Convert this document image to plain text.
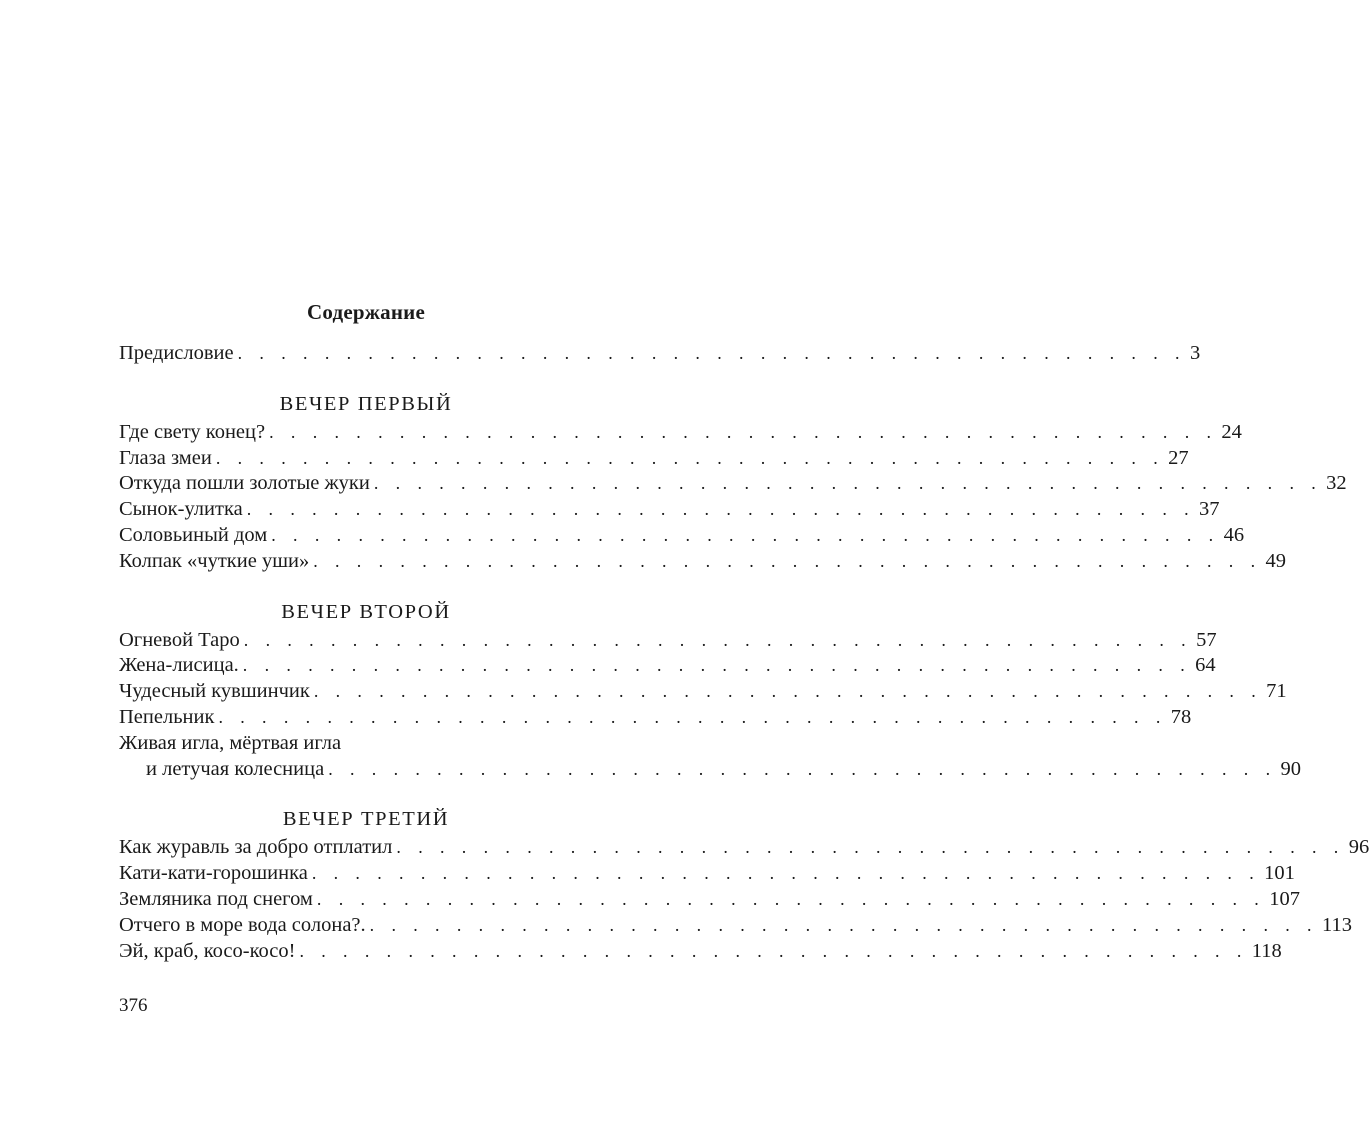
Содержание
Предисловие . . . . . . . . . . . . . . . . . . . . . . . . . . . . . . . . . . . . . . . . . . . . 3
ВЕЧЕР ПЕРВЫЙ
Где свету конец? . . . . . . . . . . . . . . . . . . . . . . . . . . . . . . . . . . . . . . . . . . . . 24
Глаза змеи . . . . . . . . . . . . . . . . . . . . . . . . . . . . . . . . . . . . . . . . . . . . 27
Откуда пошли золотые жуки . . . . . . . . . . . . . . . . . . . . . . . . . . . . . . . . . . . . . . . . . . . . 32
Сынок-улитка . . . . . . . . . . . . . . . . . . . . . . . . . . . . . . . . . . . . . . . . . . . . 37
Соловьиный дом . . . . . . . . . . . . . . . . . . . . . . . . . . . . . . . . . . . . . . . . . . . . 46
Колпак «чуткие уши» . . . . . . . . . . . . . . . . . . . . . . . . . . . . . . . . . . . . . . . . . . . . 49
ВЕЧЕР ВТОРОЙ
Огневой Таро . . . . . . . . . . . . . . . . . . . . . . . . . . . . . . . . . . . . . . . . . . . . 57
Жена-лисица. . . . . . . . . . . . . . . . . . . . . . . . . . . . . . . . . . . . . . . . . . . . . 64
Чудесный кувшинчик . . . . . . . . . . . . . . . . . . . . . . . . . . . . . . . . . . . . . . . . . . . . 71
Пепельник . . . . . . . . . . . . . . . . . . . . . . . . . . . . . . . . . . . . . . . . . . . . 78
Живая игла, мёртвая игла
и летучая колесница . . . . . . . . . . . . . . . . . . . . . . . . . . . . . . . . . . . . . . . . . . . . 90
ВЕЧЕР ТРЕТИЙ
Как журавль за добро отплатил . . . . . . . . . . . . . . . . . . . . . . . . . . . . . . . . . . . . . . . . . . . . 96
Кати-кати-горошинка . . . . . . . . . . . . . . . . . . . . . . . . . . . . . . . . . . . . . . . . . . . . 101
Земляника под снегом . . . . . . . . . . . . . . . . . . . . . . . . . . . . . . . . . . . . . . . . . . . . 107
Отчего в море вода солона?. . . . . . . . . . . . . . . . . . . . . . . . . . . . . . . . . . . . . . . . . . . . . 113
Эй, краб, косо-косо! . . . . . . . . . . . . . . . . . . . . . . . . . . . . . . . . . . . . . . . . . . . . 118
376
